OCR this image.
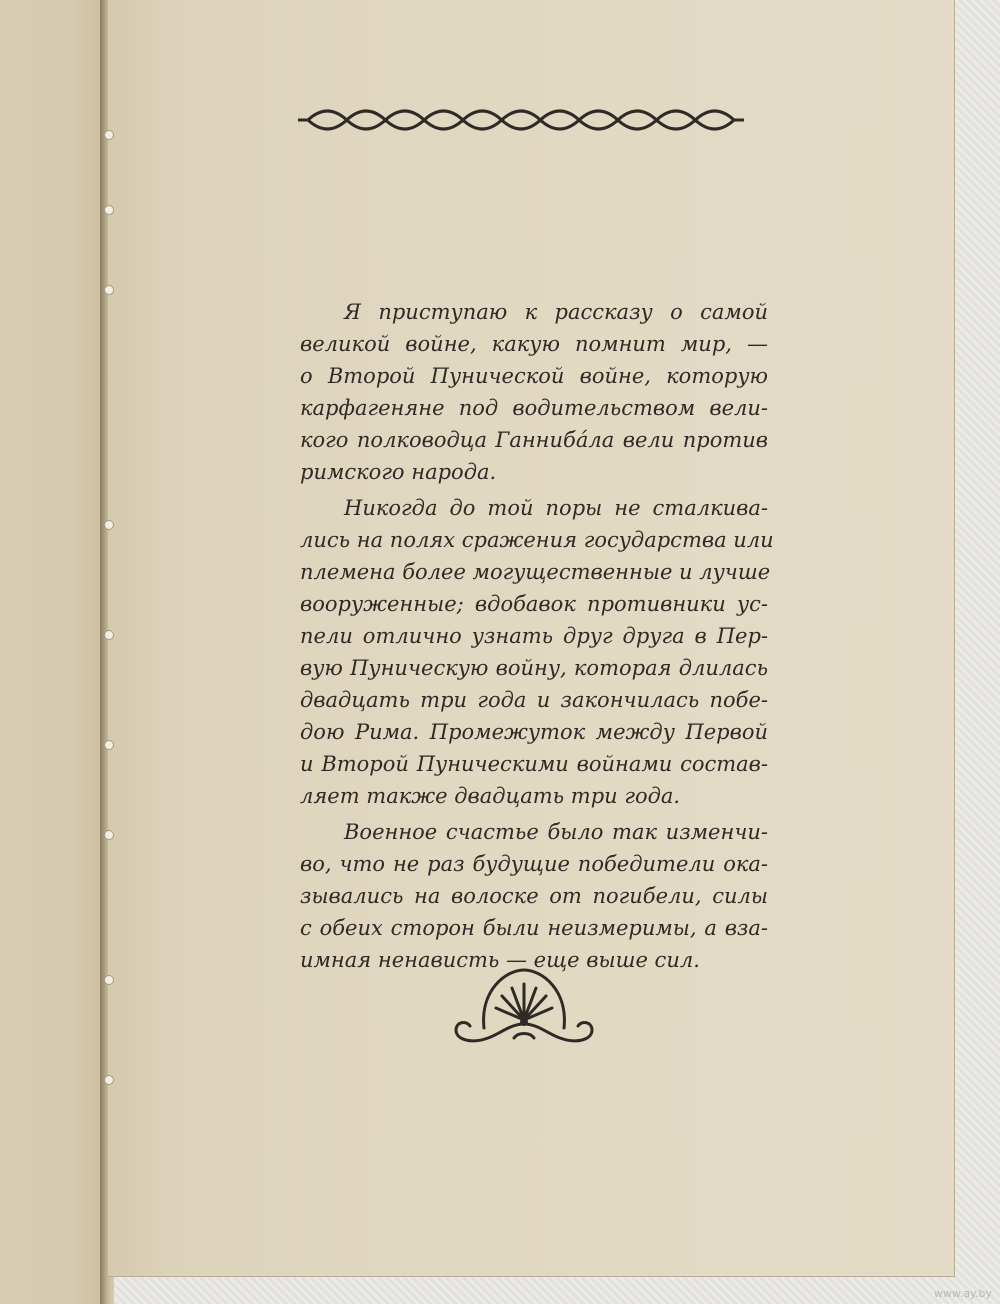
Я приступаю к рассказу о самой
великой войне, какую помнит мир, —
о Второй Пунической войне, которую
карфагеняне под водительством вели-
кого полководца Ганнибáла вели против
римского народа.
Никогда до той поры не сталкива-
лись на полях сражения государства или
племена более могущественные и лучше
вооруженные; вдобавок противники ус-
пели отлично узнать друг друга в Пер-
вую Пуническую войну, которая длилась
двадцать три года и закончилась побе-
дою Рима. Промежуток между Первой
и Второй Пуническими войнами состав-
ляет также двадцать три года.
Военное счастье было так изменчи-
во, что не раз будущие победители ока-
зывались на волоске от погибели, силы
с обеих сторон были неизмеримы, а вза-
имная ненависть — еще выше сил.
www.ay.by
